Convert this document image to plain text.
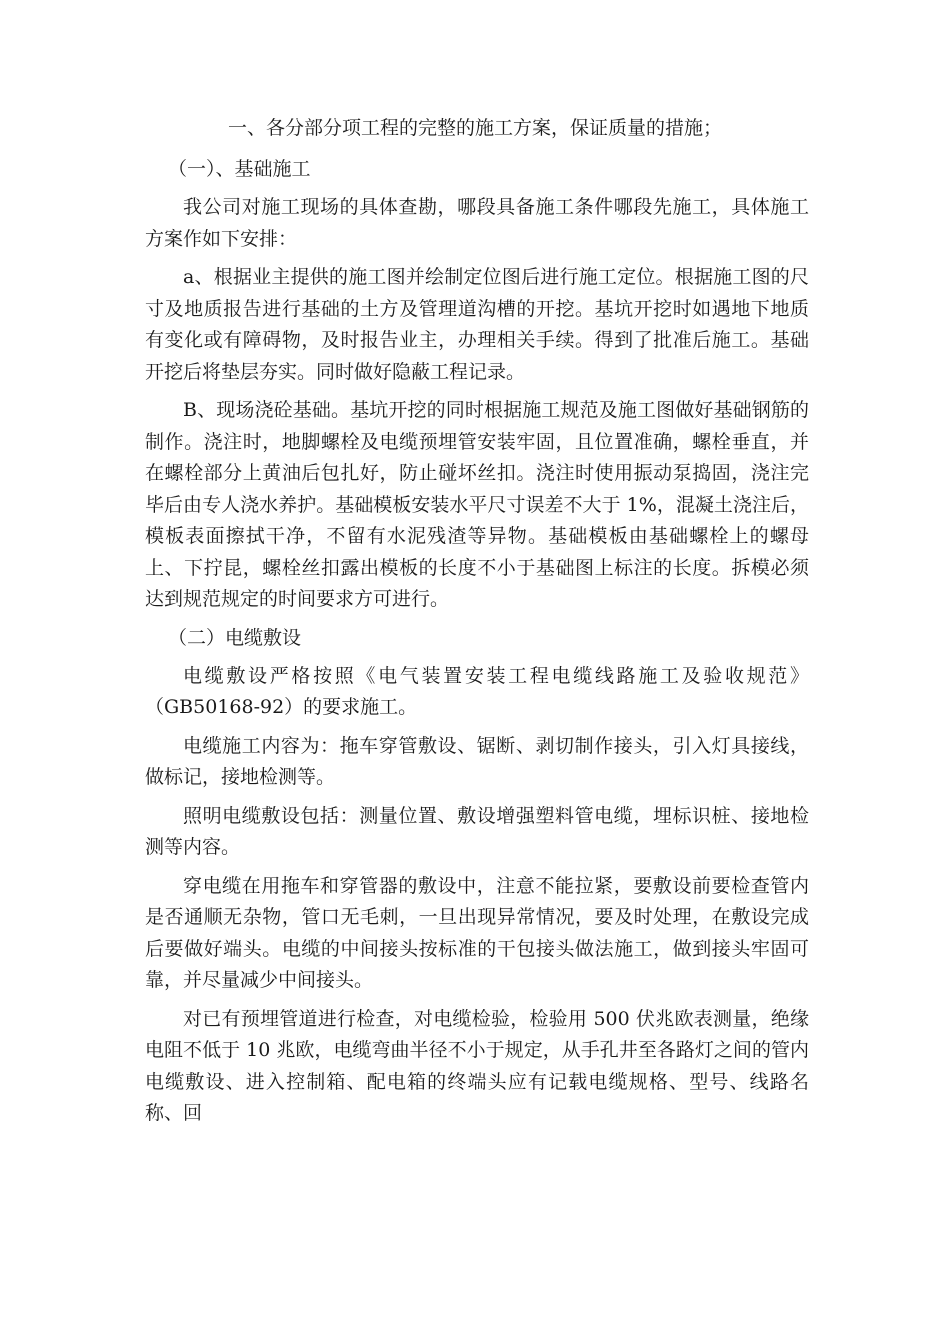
一、各分部分项工程的完整的施工方案，保证质量的措施；
（一）、基础施工

我公司对施工现场的具体查勘，哪段具备施工条件哪段先施工，具体施工方案作如下安排：

a、根据业主提供的施工图并绘制定位图后进行施工定位。根据施工图的尺寸及地质报告进行基础的土方及管理道沟槽的开挖。基坑开挖时如遇地下地质有变化或有障碍物，及时报告业主，办理相关手续。得到了批准后施工。基础开挖后将垫层夯实。同时做好隐蔽工程记录。

B、现场浇砼基础。基坑开挖的同时根据施工规范及施工图做好基础钢筋的制作。浇注时，地脚螺栓及电缆预埋管安装牢固，且位置准确，螺栓垂直，并在螺栓部分上黄油后包扎好，防止碰坏丝扣。浇注时使用振动泵捣固，浇注完毕后由专人浇水养护。基础模板安装水平尺寸误差不大于 1%，混凝土浇注后，模板表面擦拭干净，不留有水泥残渣等异物。基础模板由基础螺栓上的螺母上、下拧昆，螺栓丝扣露出模板的长度不小于基础图上标注的长度。拆模必须达到规范规定的时间要求方可进行。

（二）电缆敷设

电缆敷设严格按照《电气装置安装工程电缆线路施工及验收规范》（GB50168-92）的要求施工。

电缆施工内容为：拖车穿管敷设、锯断、剥切制作接头，引入灯具接线，做标记，接地检测等。

照明电缆敷设包括：测量位置、敷设增强塑料管电缆，埋标识桩、接地检测等内容。

穿电缆在用拖车和穿管器的敷设中，注意不能拉紧，要敷设前要检查管内是否通顺无杂物，管口无毛刺，一旦出现异常情况，要及时处理，在敷设完成后要做好端头。电缆的中间接头按标准的干包接头做法施工，做到接头牢固可靠，并尽量减少中间接头。

对已有预埋管道进行检查，对电缆检验，检验用 500 伏兆欧表测量，绝缘电阻不低于 10 兆欧，电缆弯曲半径不小于规定，从手孔井至各路灯之间的管内电缆敷设、进入控制箱、配电箱的终端头应有记载电缆规格、型号、线路名称、回
